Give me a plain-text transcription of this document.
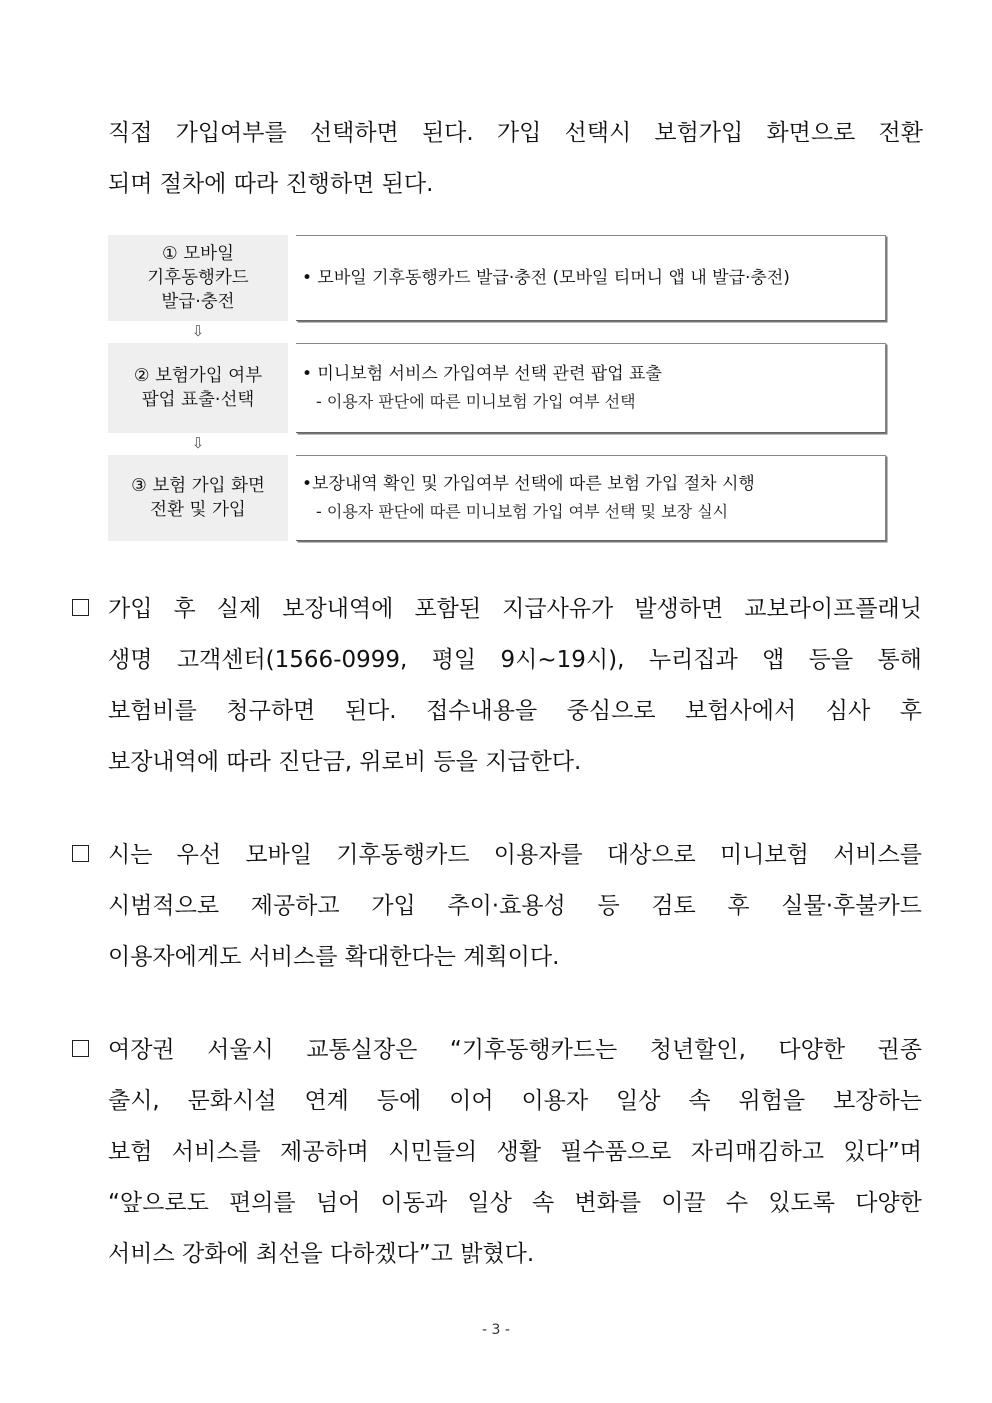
직접 가입여부를 선택하면 된다. 가입 선택시 보험가입 화면으로 전환
되며 절차에 따라 진행하면 된다.
① 모바일
기후동행카드
발급·충전
• 모바일 기후동행카드 발급·충전 (모바일 티머니 앱 내 발급·충전)
⇩
② 보험가입 여부
팝업 표출·선택
• 미니보험 서비스 가입여부 선택 관련 팝업 표출
- 이용자 판단에 따른 미니보험 가입 여부 선택
⇩
③ 보험 가입 화면
전환 및 가입
•보장내역 확인 및 가입여부 선택에 따른 보험 가입 절차 시행
- 이용자 판단에 따른 미니보험 가입 여부 선택 및 보장 실시
가입 후 실제 보장내역에 포함된 지급사유가 발생하면 교보라이프플래닛
생명 고객센터(1566-0999, 평일 9시~19시), 누리집과 앱 등을 통해
보험비를 청구하면 된다. 접수내용을 중심으로 보험사에서 심사 후
보장내역에 따라 진단금, 위로비 등을 지급한다.
시는 우선 모바일 기후동행카드 이용자를 대상으로 미니보험 서비스를
시범적으로 제공하고 가입 추이·효용성 등 검토 후 실물·후불카드
이용자에게도 서비스를 확대한다는 계획이다.
여장권 서울시 교통실장은 “기후동행카드는 청년할인, 다양한 권종
출시, 문화시설 연계 등에 이어 이용자 일상 속 위험을 보장하는
보험 서비스를 제공하며 시민들의 생활 필수품으로 자리매김하고 있다”며
“앞으로도 편의를 넘어 이동과 일상 속 변화를 이끌 수 있도록 다양한
서비스 강화에 최선을 다하겠다”고 밝혔다.
- 3 -
